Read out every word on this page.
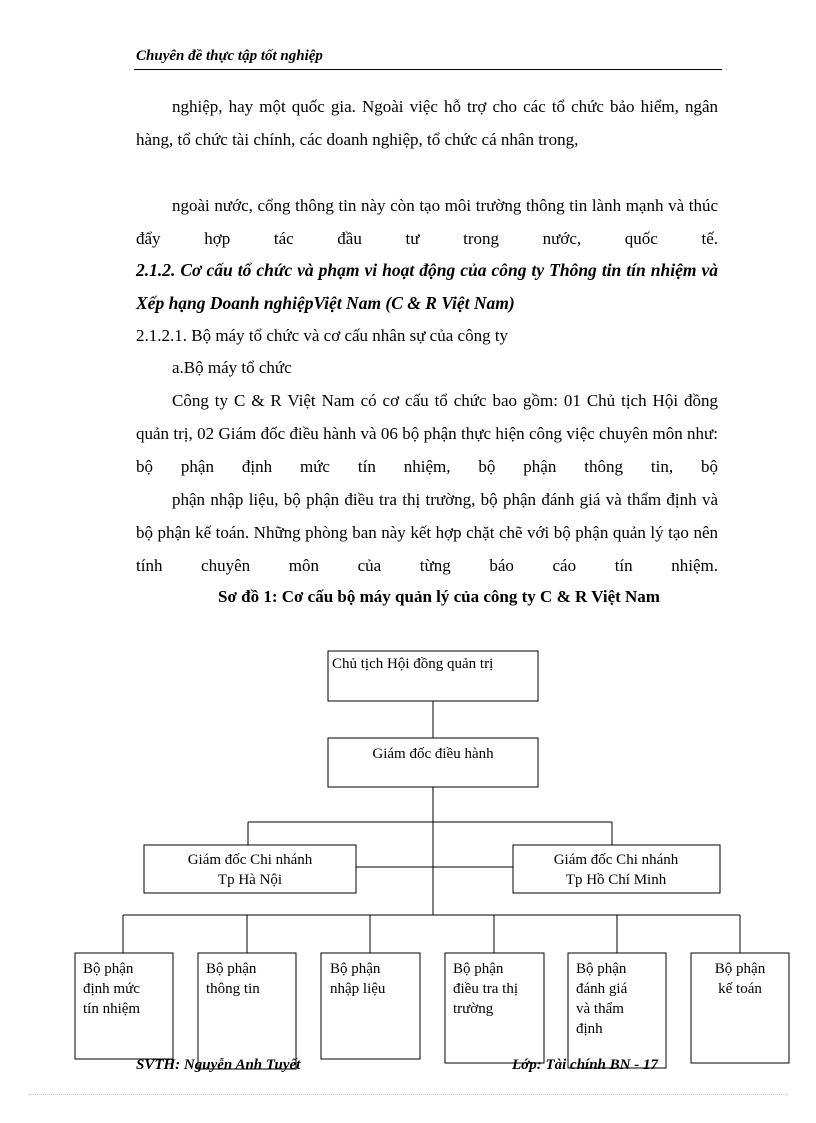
Chuyên đề thực tập tốt nghiệp

nghiệp, hay một quốc gia. Ngoài việc hỗ trợ cho các tổ chức bảo hiểm, ngân hàng, tổ chức tài chính, các doanh nghiệp, tổ chức cá nhân trong,

ngoài nước, cổng thông tin này còn tạo môi trường thông tin lành mạnh và thúc đẩy hợp tác đầu tư trong nước, quốc tế.

2.1.2. Cơ cấu tổ chức và phạm vi hoạt động của công ty Thông tin tín nhiệm và Xếp hạng Doanh nghiệpViệt Nam (C & R Việt Nam)

2.1.2.1. Bộ máy tổ chức và cơ cấu nhân sự của công ty
a.Bộ máy tổ chức

Công ty C & R Việt Nam có cơ cấu tổ chức bao gồm: 01 Chủ tịch Hội đồng quản trị, 02 Giám đốc điều hành và 06 bộ phận thực hiện công việc chuyên môn như: bộ phận định mức tín nhiệm, bộ phận thông tin, bộ

phận nhập liệu, bộ phận điều tra thị trường, bộ phận đánh giá và thẩm định và bộ phận kế toán. Những phòng ban này kết hợp chặt chẽ với bộ phận quản lý tạo nên tính chuyên môn của từng báo cáo tín nhiệm.

Sơ đồ 1: Cơ cấu bộ máy quản lý của công ty C & R Việt Nam

Chủ tịch Hội đồng quản trị
Giám đốc điều hành
Giám đốc Chi nhánh
Tp Hà Nội
Giám đốc Chi nhánh
Tp Hồ Chí Minh
Bộ phận
định mức
tín nhiệm
Bộ phận
thông tin
Bộ phận
nhập liệu
Bộ phận
điều tra thị
trường
Bộ phận
đánh giá
và thẩm
định
Bộ phận
kế toán
SVTH: Nguyễn Anh Tuyết	Lớp: Tài chính BN - 17
